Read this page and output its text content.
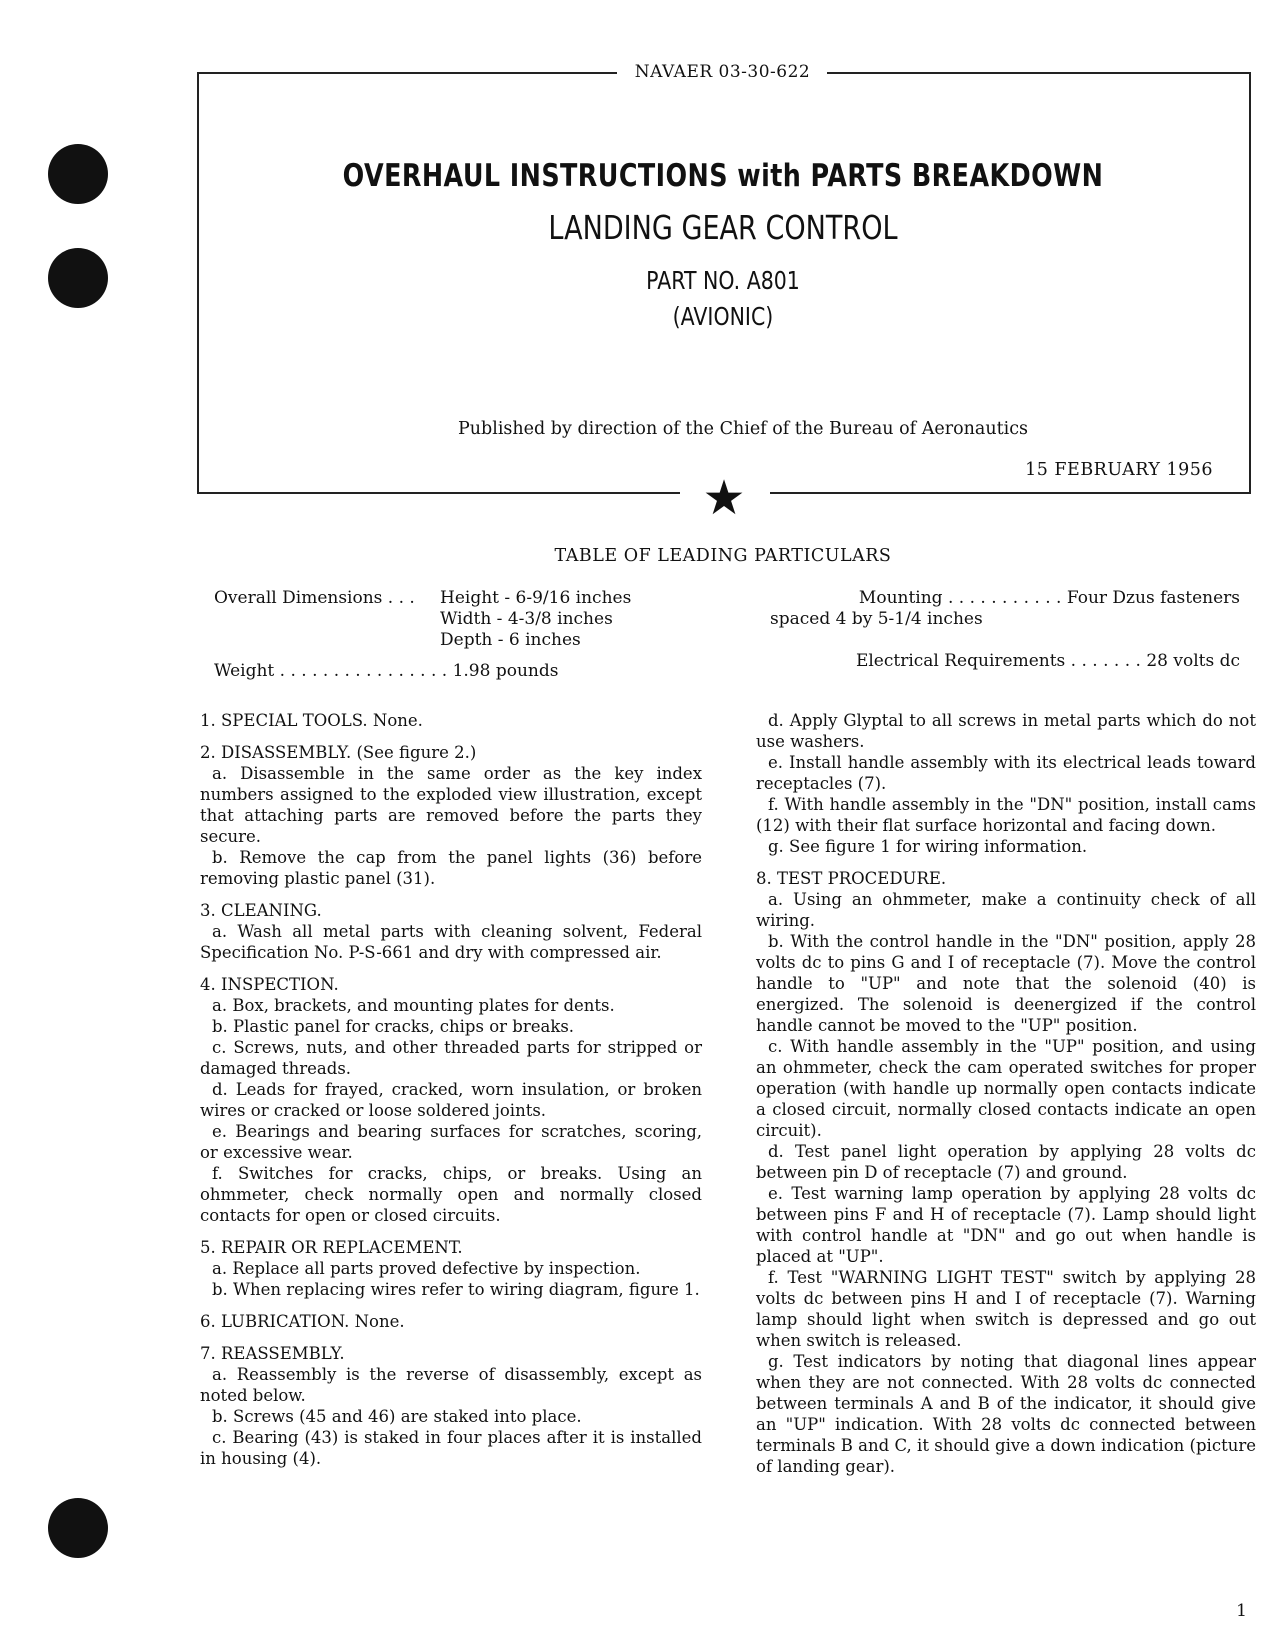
NAVAER 03-30-622
★
OVERHAUL INSTRUCTIONS with PARTS BREAKDOWN
LANDING GEAR CONTROL
PART NO. A801
(AVIONIC)
Published by direction of the Chief of the Bureau of Aeronautics
15 FEBRUARY 1956
TABLE OF LEADING PARTICULARS
Overall Dimensions . . . Height - 6-9/16 inches
Width - 4-3/8 inches
Depth - 6 inches
Weight . . . . . . . . . . . . . . . . 1.98 pounds
Mounting . . . . . . . . . . . Four Dzus fasteners
spaced 4 by 5-1/4 inches
Electrical Requirements . . . . . . . 28 volts dc

1. SPECIAL TOOLS. None.

2. DISASSEMBLY. (See figure 2.)

a. Disassemble in the same order as the key index numbers assigned to the exploded view illustration, except that attaching parts are removed before the parts they secure.

b. Remove the cap from the panel lights (36) before removing plastic panel (31).

3. CLEANING.

a. Wash all metal parts with cleaning solvent, Federal Specification No. P-S-661 and dry with compressed air.

4. INSPECTION.

a. Box, brackets, and mounting plates for dents.

b. Plastic panel for cracks, chips or breaks.

c. Screws, nuts, and other threaded parts for stripped or damaged threads.

d. Leads for frayed, cracked, worn insulation, or broken wires or cracked or loose soldered joints.

e. Bearings and bearing surfaces for scratches, scoring, or excessive wear.

f. Switches for cracks, chips, or breaks. Using an ohmmeter, check normally open and normally closed contacts for open or closed circuits.

5. REPAIR OR REPLACEMENT.

a. Replace all parts proved defective by inspection.

b. When replacing wires refer to wiring diagram, figure 1.

6. LUBRICATION. None.

7. REASSEMBLY.

a. Reassembly is the reverse of disassembly, except as noted below.

b. Screws (45 and 46) are staked into place.

c. Bearing (43) is staked in four places after it is installed in housing (4).

d. Apply Glyptal to all screws in metal parts which do not use washers.

e. Install handle assembly with its electrical leads toward receptacles (7).

f. With handle assembly in the "DN" position, install cams (12) with their flat surface horizontal and facing down.

g. See figure 1 for wiring information.

8. TEST PROCEDURE.

a. Using an ohmmeter, make a continuity check of all wiring.

b. With the control handle in the "DN" position, apply 28 volts dc to pins G and I of receptacle (7). Move the control handle to "UP" and note that the solenoid (40) is energized. The solenoid is deenergized if the control handle cannot be moved to the "UP" position.

c. With handle assembly in the "UP" position, and using an ohmmeter, check the cam operated switches for proper operation (with handle up normally open contacts indicate a closed circuit, normally closed contacts indicate an open circuit).

d. Test panel light operation by applying 28 volts dc between pin D of receptacle (7) and ground.

e. Test warning lamp operation by applying 28 volts dc between pins F and H of receptacle (7). Lamp should light with control handle at "DN" and go out when handle is placed at "UP".

f. Test "WARNING LIGHT TEST" switch by applying 28 volts dc between pins H and I of receptacle (7). Warning lamp should light when switch is depressed and go out when switch is released.

g. Test indicators by noting that diagonal lines appear when they are not connected. With 28 volts dc connected between terminals A and B of the indicator, it should give an "UP" indication. With 28 volts dc connected between terminals B and C, it should give a down indication (picture of landing gear).

1
